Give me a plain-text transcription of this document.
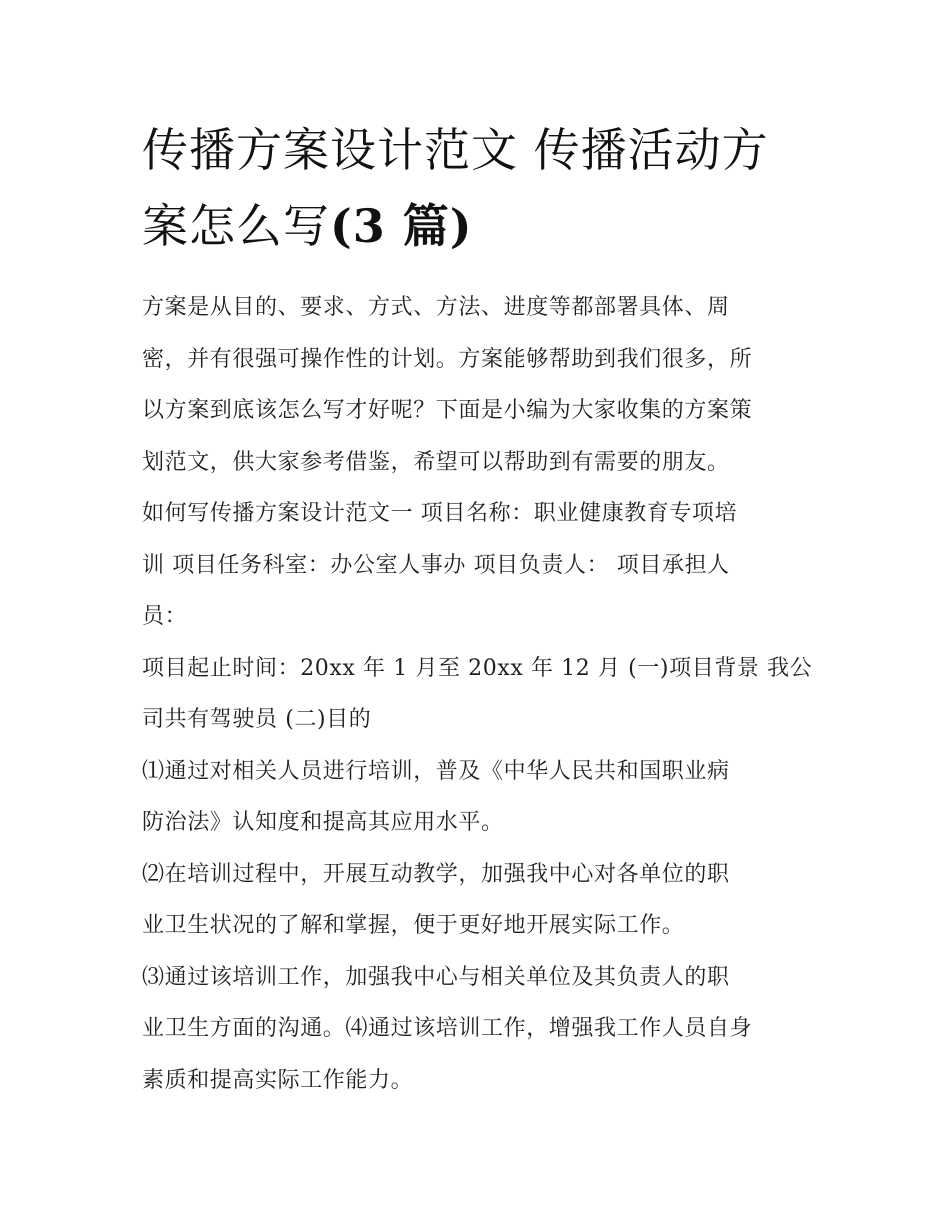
传播方案设计范文 传播活动方
案怎么写(3 篇)

方案是从目的、要求、方式、方法、进度等都部署具体、周
密，并有很强可操作性的计划。方案能够帮助到我们很多，所
以方案到底该怎么写才好呢？下面是小编为大家收集的方案策
划范文，供大家参考借鉴，希望可以帮助到有需要的朋友。

如何写传播方案设计范文一 项目名称：职业健康教育专项培
训 项目任务科室：办公室人事办 项目负责人： 项目承担人
员：

项目起止时间：20xx 年 1 月至 20xx 年 12 月 (一)项目背景 我公
司共有驾驶员 (二)目的

⑴通过对相关人员进行培训，普及《中华人民共和国职业病
防治法》认知度和提高其应用水平。

⑵在培训过程中，开展互动教学，加强我中心对各单位的职
业卫生状况的了解和掌握，便于更好地开展实际工作。

⑶通过该培训工作，加强我中心与相关单位及其负责人的职
业卫生方面的沟通。⑷通过该培训工作，增强我工作人员自身
素质和提高实际工作能力。
